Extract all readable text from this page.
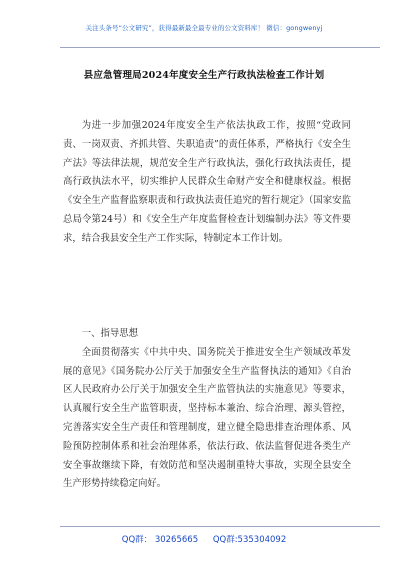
关注头条号“公文研究”，获得最新最全最专业的公文资料库！ 微信：gongwenyj
县应急管理局2024年度安全生产行政执法检查工作计划

为进一步加强2024年度安全生产依法执政工作，按照“党政同责、一岗双责、齐抓共管、失职追责”的责任体系，严格执行《安全生产法》等法律法规，规范安全生产行政执法，强化行政执法责任，提高行政执法水平，切实维护人民群众生命财产安全和健康权益。根据《安全生产监督监察职责和行政执法责任追究的暂行规定》（国家安监总局令第24号）和《安全生产年度监督检查计划编制办法》等文件要求，结合我县安全生产工作实际，特制定本工作计划。

一、指导思想

全面贯彻落实《中共中央、国务院关于推进安全生产领域改革发展的意见》《国务院办公厅关于加强安全生产监督执法的通知》《自治区人民政府办公厅关于加强安全生产监管执法的实施意见》等要求，认真履行安全生产监管职责，坚持标本兼治、综合治理、源头管控，完善落实安全生产责任和管理制度，建立健全隐患排查治理体系、风险预防控制体系和社会治理体系，依法行政、依法监督促进各类生产安全事故继续下降，有效防范和坚决遏制重特大事故，实现全县安全生产形势持续稳定向好。

QQ群： 30265665 QQ群:535304092
